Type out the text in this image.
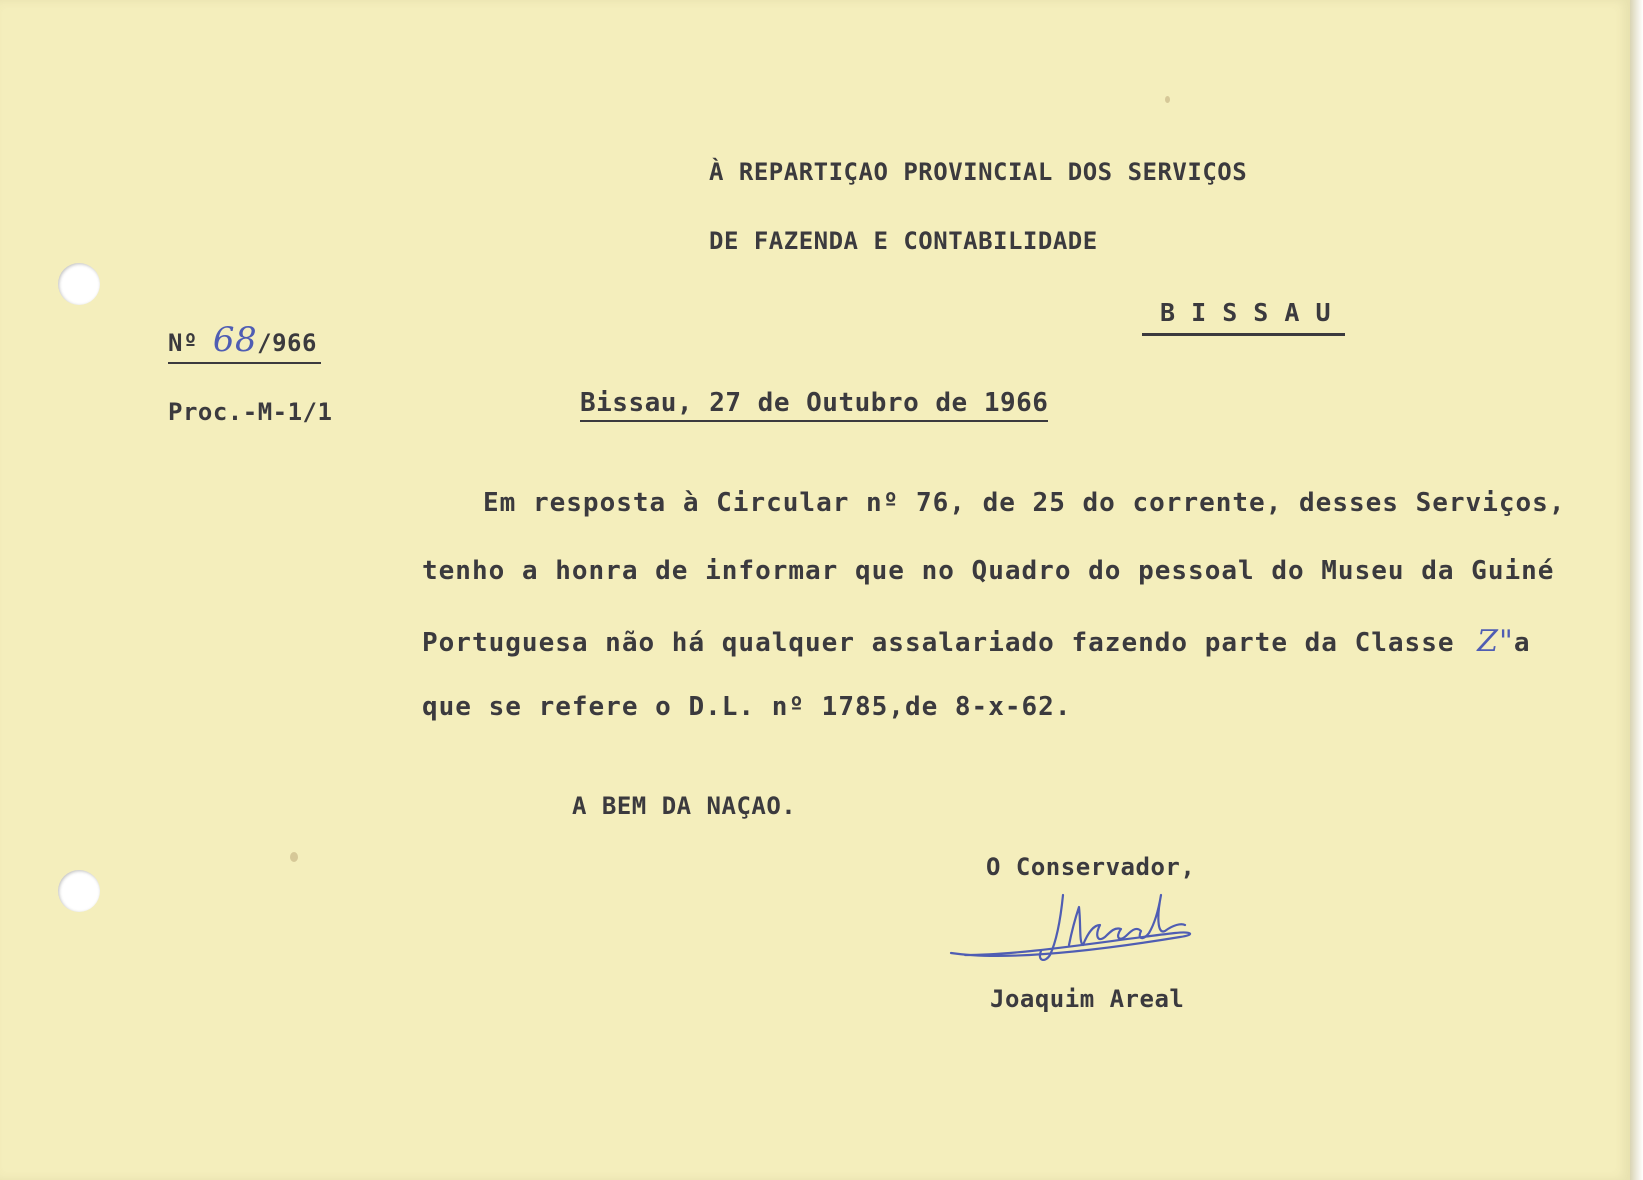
À REPARTIÇAO PROVINCIAL DOS SERVIÇOS
DE FAZENDA E CONTABILIDADE
B I S S A U
Nº 68/966
Proc.-M-1/1	Bissau, 27 de Outubro de 1966
Em resposta à Circular nº 76, de 25 do corrente, desses Serviços,
tenho a honra de informar que no Quadro do pessoal do Museu da Guiné
Portuguesa não há qualquer assalariado fazendo parte da Classe Z"a
que se refere o D.L. nº 1785,de 8-x-62.
A BEM DA NAÇAO.
O Conservador,
Joaquim Areal
